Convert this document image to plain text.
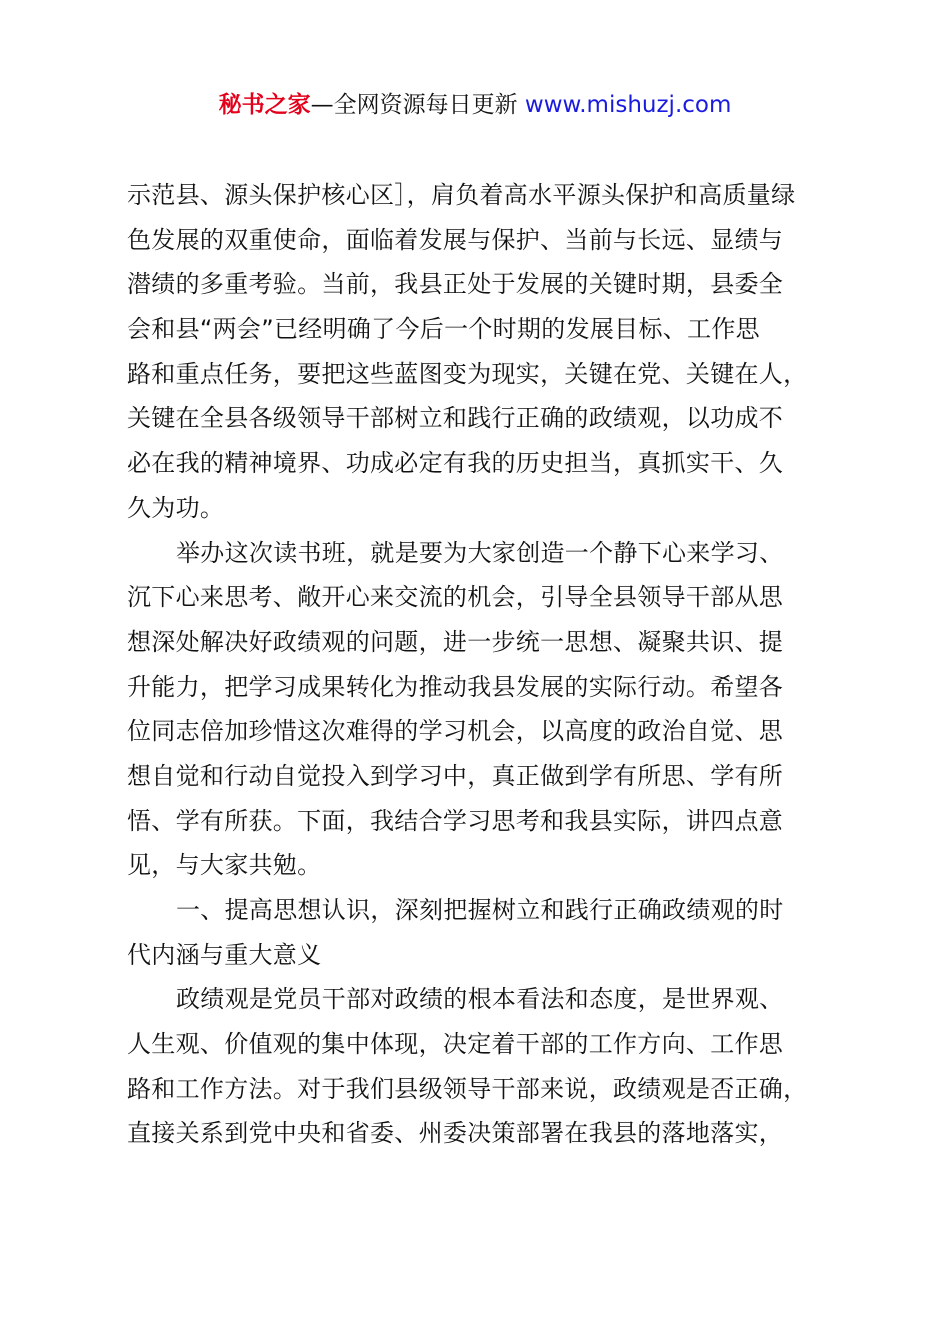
秘书之家—全网资源每日更新 www.mishuzj.com
示范县、源头保护核心区］，肩负着高水平源头保护和高质量绿
色发展的双重使命，面临着发展与保护、当前与长远、显绩与
潜绩的多重考验。当前，我县正处于发展的关键时期，县委全
会和县“两会”已经明确了今后一个时期的发展目标、工作思
路和重点任务，要把这些蓝图变为现实，关键在党、关键在人，
关键在全县各级领导干部树立和践行正确的政绩观，以功成不
必在我的精神境界、功成必定有我的历史担当，真抓实干、久
久为功。
举办这次读书班，就是要为大家创造一个静下心来学习、
沉下心来思考、敞开心来交流的机会，引导全县领导干部从思
想深处解决好政绩观的问题，进一步统一思想、凝聚共识、提
升能力，把学习成果转化为推动我县发展的实际行动。希望各
位同志倍加珍惜这次难得的学习机会，以高度的政治自觉、思
想自觉和行动自觉投入到学习中，真正做到学有所思、学有所
悟、学有所获。下面，我结合学习思考和我县实际，讲四点意
见，与大家共勉。
一、提高思想认识，深刻把握树立和践行正确政绩观的时
代内涵与重大意义
政绩观是党员干部对政绩的根本看法和态度，是世界观、
人生观、价值观的集中体现，决定着干部的工作方向、工作思
路和工作方法。对于我们县级领导干部来说，政绩观是否正确，
直接关系到党中央和省委、州委决策部署在我县的落地落实，
